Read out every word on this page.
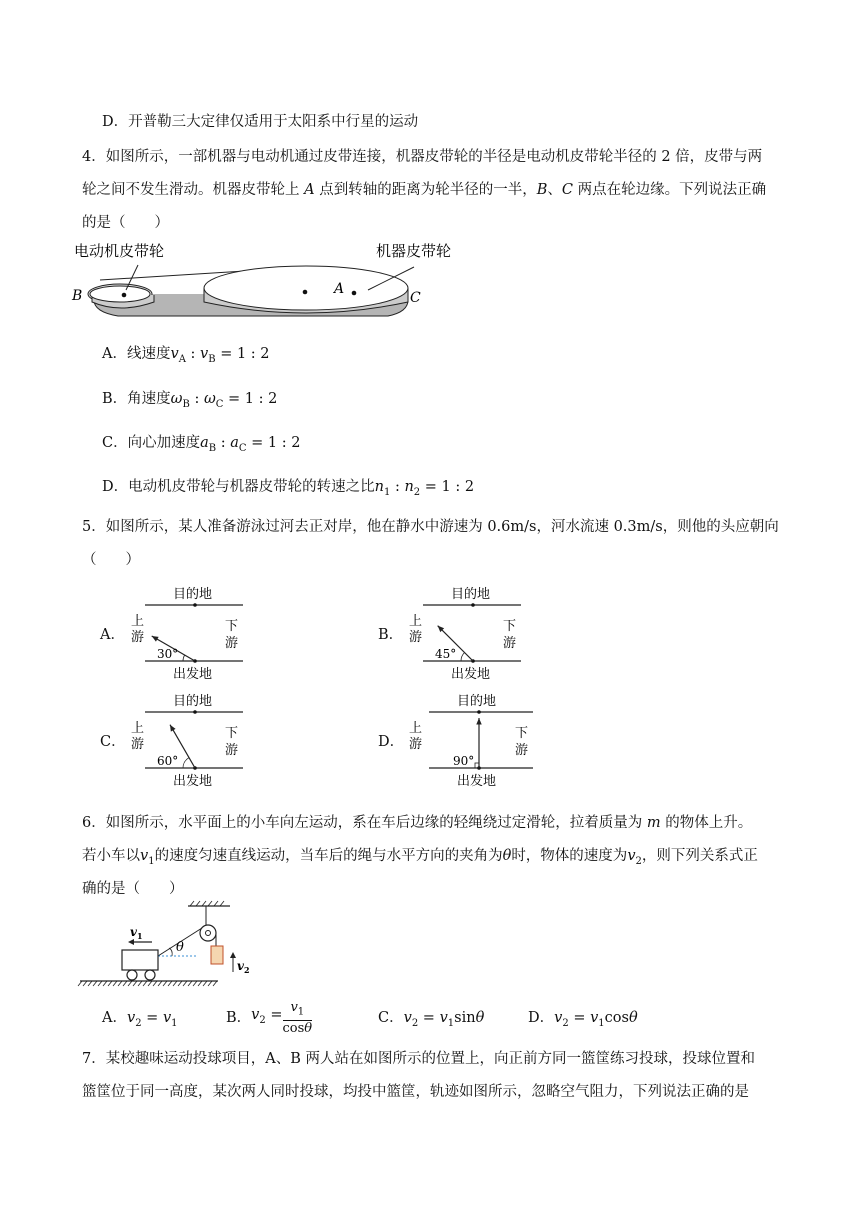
D．开普勒三大定律仅适用于太阳系中行星的运动
4．如图所示，一部机器与电动机通过皮带连接，机器皮带轮的半径是电动机皮带轮半径的 2 倍，皮带与两
轮之间不发生滑动。机器皮带轮上 A 点到转轴的距离为轮半径的一半，B、C 两点在轮边缘。下列说法正确
的是（　　）
B	C
A
电动机皮带轮	机器皮带轮
A．线速度$v_A$ : $v_B = 1$ : 2
B．角速度$\omega_B$ : $\omega_C = 1$ : 2
C．向心加速度$a_B$ : $a_C = 1$ : 2
D．电动机皮带轮与机器皮带轮的转速之比$n_1$ : $n_2 = 1$ : 2
5．如图所示，某人准备游泳过河去正对岸，他在静水中游速为 0.6m/s，河水流速 0.3m/s，则他的头应朝向
（　　）
A．
目的地
出发地
上
游
下
游
30°
B．
目的地
出发地
上
游
下
游
45°
C．
目的地
出发地
上
游
下
游
60°
D．
目的地
出发地
上
游
下
游
90°
6．如图所示，水平面上的小车向左运动，系在车后边缘的轻绳绕过定滑轮，拉着质量为 m 的物体上升。
若小车以$v_1$的速度匀速直线运动，当车后的绳与水平方向的夹角为θ时，物体的速度为$v_2$，则下列关系式正
确的是（　　）
θ
$v_2$
$v_1$
A．$v_2 = v_1$	B．$v_2 = \frac{v_1}{\cos\theta}$	C．$v_2 = v_1\sin\theta$	D．$v_2 = v_1\cos\theta$
7．某校趣味运动投球项目，A、B 两人站在如图所示的位置上，向正前方同一篮筐练习投球，投球位置和
篮筐位于同一高度，某次两人同时投球，均投中篮筐，轨迹如图所示，忽略空气阻力，下列说法正确的是
